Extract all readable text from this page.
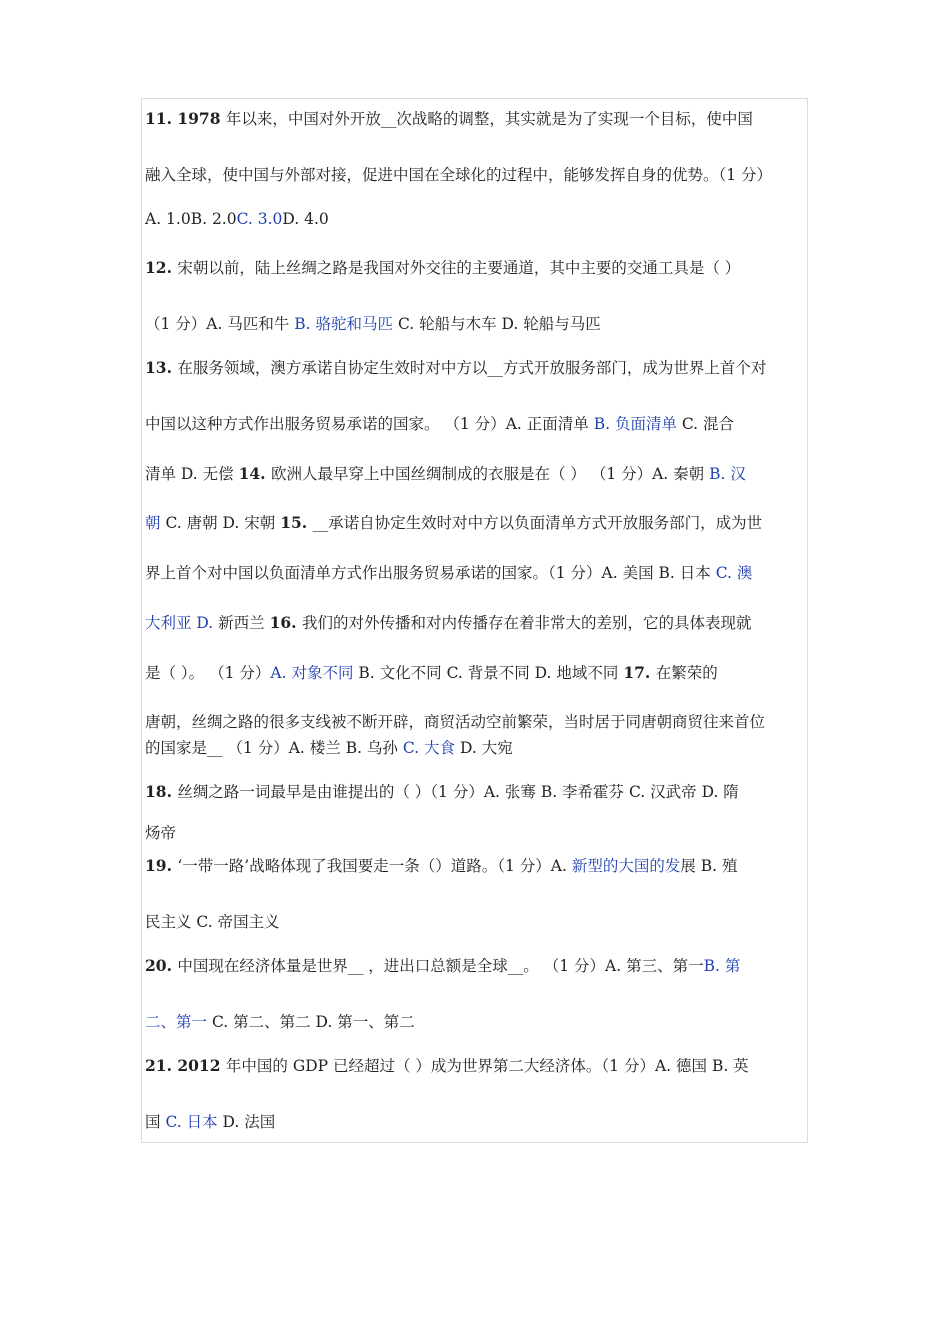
11. 1978 年以来，中国对外开放__次战略的调整，其实就是为了实现一个目标，使中国
融入全球，使中国与外部对接，促进中国在全球化的过程中，能够发挥自身的优势。（1 分）
A. 1.0B. 2.0C. 3.0D. 4.0
12. 宋朝以前，陆上丝绸之路是我国对外交往的主要通道，其中主要的交通工具是（ ）
（1 分）A. 马匹和牛 B. 骆驼和马匹 C. 轮船与木车 D. 轮船与马匹
13. 在服务领域，澳方承诺自协定生效时对中方以__方式开放服务部门，成为世界上首个对
中国以这种方式作出服务贸易承诺的国家。 （1 分）A. 正面清单 B. 负面清单 C. 混合
清单 D. 无偿 14. 欧洲人最早穿上中国丝绸制成的衣服是在（ ） （1 分）A. 秦朝 B. 汉
朝 C. 唐朝 D. 宋朝 15. __承诺自协定生效时对中方以负面清单方式开放服务部门，成为世
界上首个对中国以负面清单方式作出服务贸易承诺的国家。（1 分）A. 美国 B. 日本 C. 澳
大利亚 D. 新西兰 16. 我们的对外传播和对内传播存在着非常大的差别，它的具体表现就
是（ ）。 （1 分）A. 对象不同 B. 文化不同 C. 背景不同 D. 地域不同 17. 在繁荣的
唐朝，丝绸之路的很多支线被不断开辟，商贸活动空前繁荣，当时居于同唐朝商贸往来首位
的国家是__ （1 分）A. 楼兰 B. 乌孙 C. 大食 D. 大宛
18. 丝绸之路一词最早是由谁提出的（ ）（1 分）A. 张骞 B. 李希霍芬 C. 汉武帝 D. 隋
炀帝
19. ‘一带一路’战略体现了我国要走一条（）道路。（1 分）A. 新型的大国的发展 B. 殖
民主义 C. 帝国主义
20. 中国现在经济体量是世界__ ，进出口总额是全球__。 （1 分）A. 第三、第一B. 第
二、第一 C. 第二、第二 D. 第一、第二
21. 2012 年中国的 GDP 已经超过（ ）成为世界第二大经济体。（1 分）A. 德国 B. 英
国 C. 日本 D. 法国
